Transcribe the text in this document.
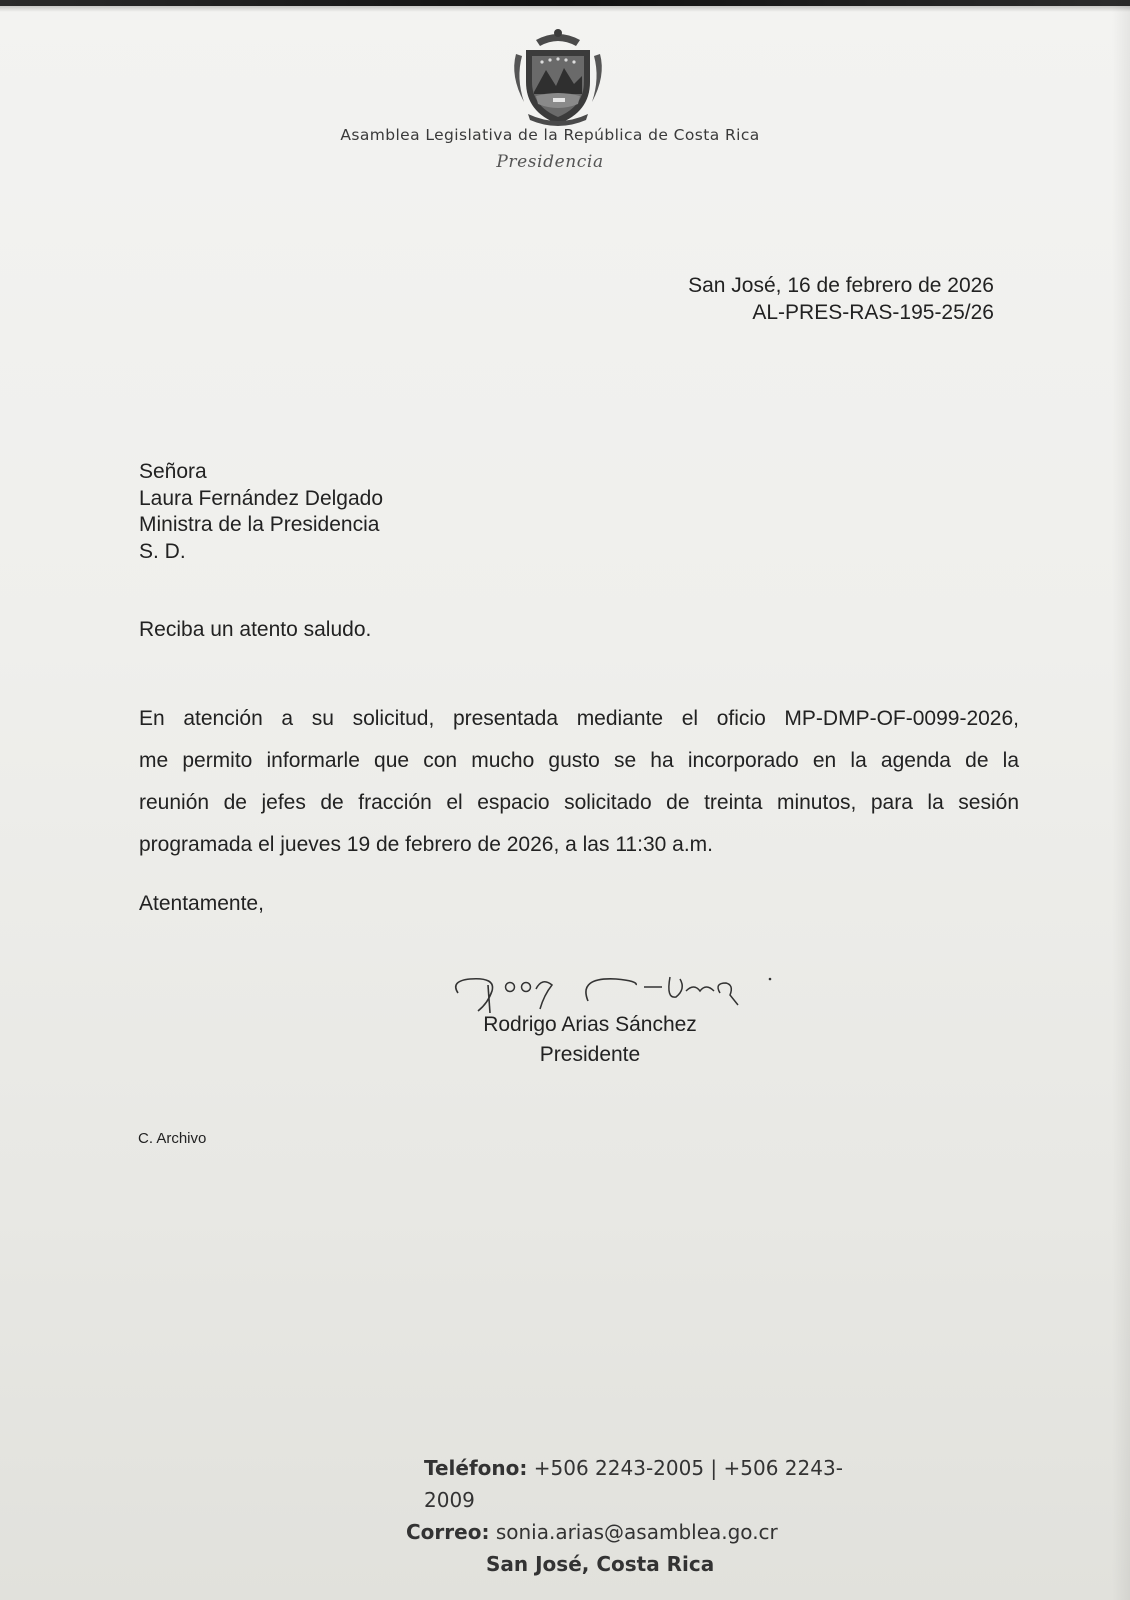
Asamblea Legislativa de la República de Costa Rica
Presidencia
San José, 16 de febrero de 2026
AL-PRES-RAS-195-25/26
Señora
Laura Fernández Delgado
Ministra de la Presidencia
S. D.
Reciba un atento saludo.
En atención a su solicitud, presentada mediante el oficio MP-DMP-OF-0099-2026,
me permito informarle que con mucho gusto se ha incorporado en la agenda de la
reunión de jefes de fracción el espacio solicitado de treinta minutos, para la sesión
programada el jueves 19 de febrero de 2026, a las 11:30 a.m.
Atentamente,
Rodrigo Arias Sánchez
Presidente
C. Archivo
Teléfono: +506 2243-2005 | +506 2243-2009
Correo: sonia.arias@asamblea.go.cr
San José, Costa Rica
